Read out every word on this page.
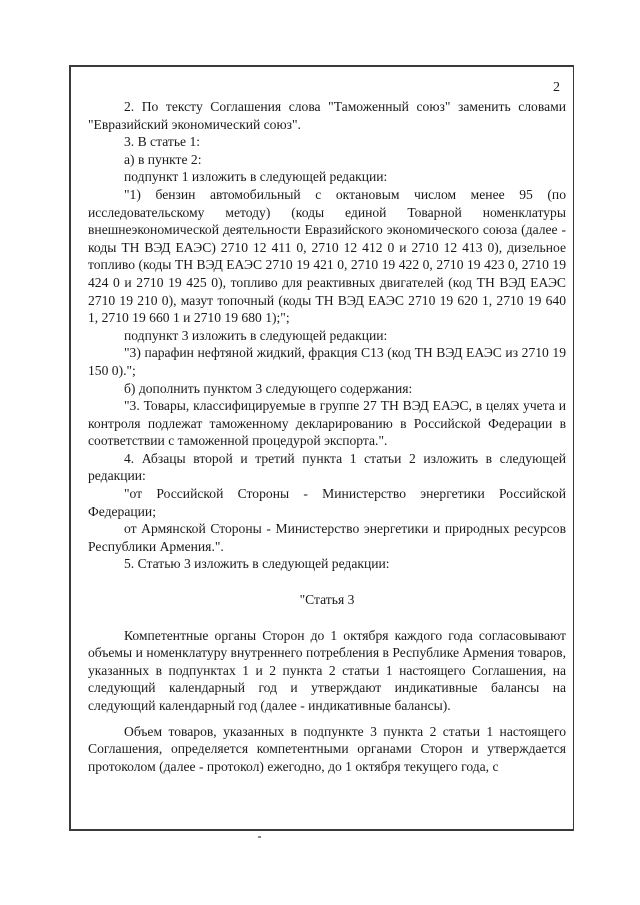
2

2. По тексту Соглашения слова "Таможенный союз" заменить словами "Евразийский экономический союз".

3. В статье 1:

а) в пункте 2:

подпункт 1 изложить в следующей редакции:

"1) бензин автомобильный с октановым числом менее 95 (по исследовательскому методу) (коды единой Товарной номенклатуры внешнеэкономической деятельности Евразийского экономического союза (далее - коды ТН ВЭД ЕАЭС) 2710 12 411 0, 2710 12 412 0 и 2710 12 413 0), дизельное топливо (коды ТН ВЭД ЕАЭС 2710 19 421 0, 2710 19 422 0, 2710 19 423 0, 2710 19 424 0 и 2710 19 425 0), топливо для реактивных двигателей (код ТН ВЭД ЕАЭС 2710 19 210 0), мазут топочный (коды ТН ВЭД ЕАЭС 2710 19 620 1, 2710 19 640 1, 2710 19 660 1 и 2710 19 680 1);";

подпункт 3 изложить в следующей редакции:

"3) парафин нефтяной жидкий, фракция С13 (код ТН ВЭД ЕАЭС из 2710 19 150 0).";

б) дополнить пунктом 3 следующего содержания:

"3. Товары, классифицируемые в группе 27 ТН ВЭД ЕАЭС, в целях учета и контроля подлежат таможенному декларированию в Российской Федерации в соответствии с таможенной процедурой экспорта.".

4. Абзацы второй и третий пункта 1 статьи 2 изложить в следующей редакции:

"от Российской Стороны - Министерство энергетики Российской Федерации;

от Армянской Стороны - Министерство энергетики и природных ресурсов Республики Армения.".

5. Статью 3 изложить в следующей редакции:

"Статья 3

Компетентные органы Сторон до 1 октября каждого года согласовывают объемы и номенклатуру внутреннего потребления в Республике Армения товаров, указанных в подпунктах 1 и 2 пункта 2 статьи 1 настоящего Соглашения, на следующий календарный год и утверждают индикативные балансы на следующий календарный год (далее - индикативные балансы).

Объем товаров, указанных в подпункте 3 пункта 2 статьи 1 настоящего Соглашения, определяется компетентными органами Сторон и утверждается протоколом (далее - протокол) ежегодно, до 1 октября текущего года, с
